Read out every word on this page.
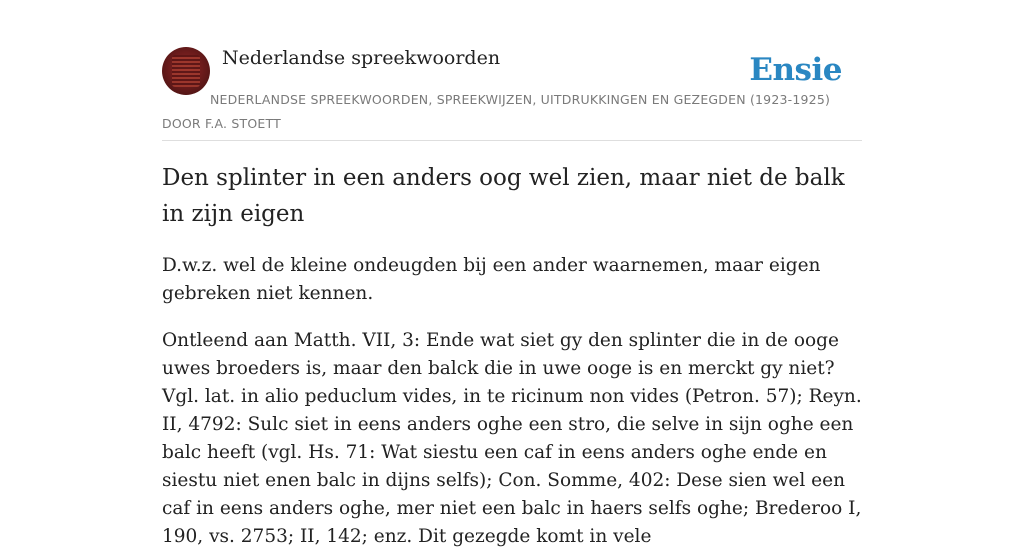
Nederlandse spreekwoorden	Ensie
NEDERLANDSE SPREEKWOORDEN, SPREEKWIJZEN, UITDRUKKINGEN EN GEZEGDEN (1923-1925)
DOOR F.A. STOETT
Den splinter in een anders oog wel zien, maar niet de balk in zijn eigen

D.w.z. wel de kleine ondeugden bij een ander waarnemen, maar eigen gebreken niet kennen.

Ontleend aan Matth. VII, 3: Ende wat siet gy den splinter die in de ooge uwes broeders is, maar den balck die in uwe ooge is en merckt gy niet? Vgl. lat. in alio peduclum vides, in te ricinum non vides (Petron. 57); Reyn. II, 4792: Sulc siet in eens anders oghe een stro, die selve in sijn oghe een balc heeft (vgl. Hs. 71: Wat siestu een caf in eens anders oghe ende en siestu niet enen balc in dijns selfs); Con. Somme, 402: Dese sien wel een caf in eens anders oghe, mer niet een balc in haers selfs oghe; Brederoo I, 190, vs. 2753; II, 142; enz. Dit gezegde komt in vele
